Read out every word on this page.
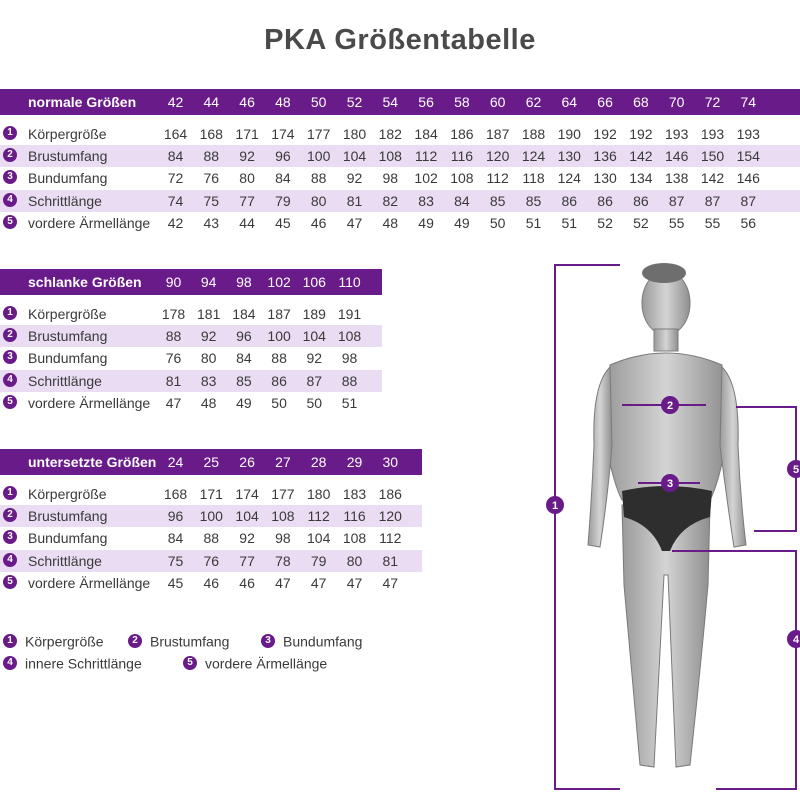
PKA Größentabelle
normale Größen	42	44	46	48	50	52	54	56	58	60	62	64	66	68	70	72	74
1	Körpergröße	164 168 171 174 177 180 182 184 186 187 188 190 192 192 193 193 193
2	Brustumfang	84	88	92	96	100 104 108 112 116 120 124 130 136 142 146 150 154
3	Bundumfang	72	76	80	84	88	92	98	102 108 112 118 124 130 134 138 142 146
4	Schrittlänge	74	75	77	79	80	81	82	83	84	85	85	86	86	86	87	87	87
5	vordere Ärmellänge	42	43	44	45	46	47	48	49	49	50	51	51	52	52	55	55	56
schlanke Größen	90	94	98	102 106 110
1	Körpergröße	178 181 184 187 189 191
2	Brustumfang	88	92	96	100 104 108
3	Bundumfang	76	80	84	88	92	98
4	Schrittlänge	81	83	85	86	87	88
5	vordere Ärmellänge	47	48	49	50	50	51
untersetzte Größen 24	25	26	27	28	29	30
1	Körpergröße	168 171 174 177 180 183 186
2	Brustumfang	96	100 104 108 112 116 120
3	Bundumfang	84	88	92	98	104 108 112
4	Schrittlänge	75	76	77	78	79	80	81
5	vordere Ärmellänge	45	46	46	47	47	47	47
1 Körpergröße	2 Brustumfang	3 Bundumfang
4 innere Schrittlänge	5 vordere Ärmellänge
1
2
3
4
5
